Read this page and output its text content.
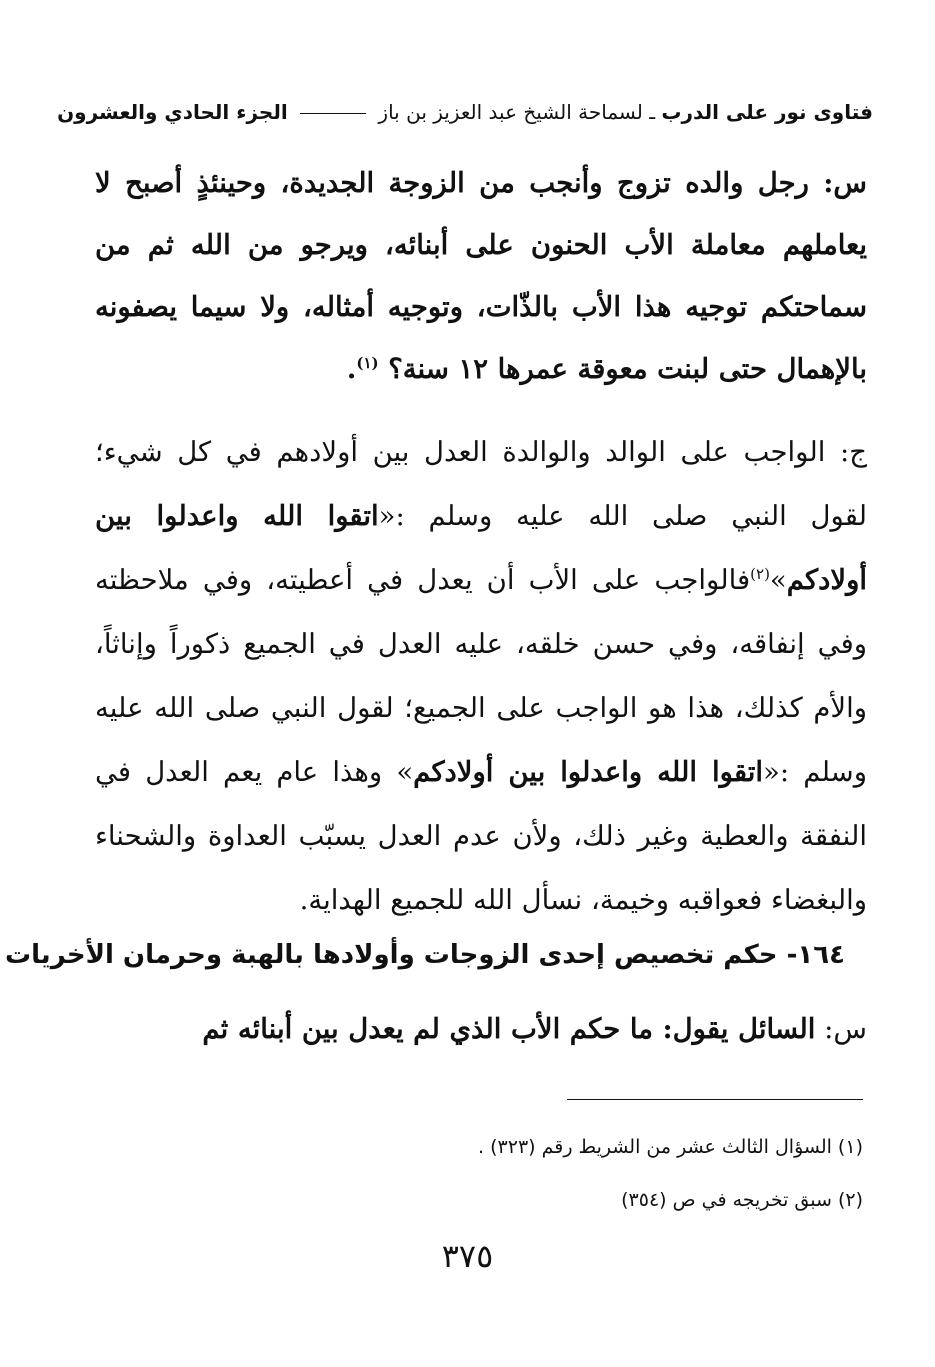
فتاوى نور على الدرب ـ لسماحة الشيخ عبد العزيز بن باز  الجزء الحادي والعشرون
س: رجل والده تزوج وأنجب من الزوجة الجديدة، وحينئذٍ أصبح لا يعاملهم معاملة الأب الحنون على أبنائه، ويرجو من الله ثم من سماحتكم توجيه هذا الأب بالذّات، وتوجيه أمثاله، ولا سيما يصفونه بالإهمال حتى لبنت معوقة عمرها ١٢ سنة؟ $^{(١)}$.
ج: الواجب على الوالد والوالدة العدل بين أولادهم في كل شيء؛ لقول النبي صلى الله عليه وسلم :«اتقوا الله واعدلوا بين أولادكم»$^{(٢)}$فالواجب على الأب أن يعدل في أعطيته، وفي ملاحظته وفي إنفاقه، وفي حسن خلقه، عليه العدل في الجميع ذكوراً وإناثاً، والأم كذلك، هذا هو الواجب على الجميع؛ لقول النبي صلى الله عليه وسلم :«اتقوا الله واعدلوا بين أولادكم» وهذا عام يعم العدل في النفقة والعطية وغير ذلك، ولأن عدم العدل يسبّب العداوة والشحناء والبغضاء فعواقبه وخيمة، نسأل الله للجميع الهداية.
١٦٤- حكم تخصيص إحدى الزوجات وأولادها بالهبة وحرمان الأخريات
س: السائل يقول: ما حكم الأب الذي لم يعدل بين أبنائه ثم
(١) السؤال الثالث عشر من الشريط رقم (٣٢٣) .
(٢) سبق تخريجه في ص (٣٥٤)
٣٧٥
